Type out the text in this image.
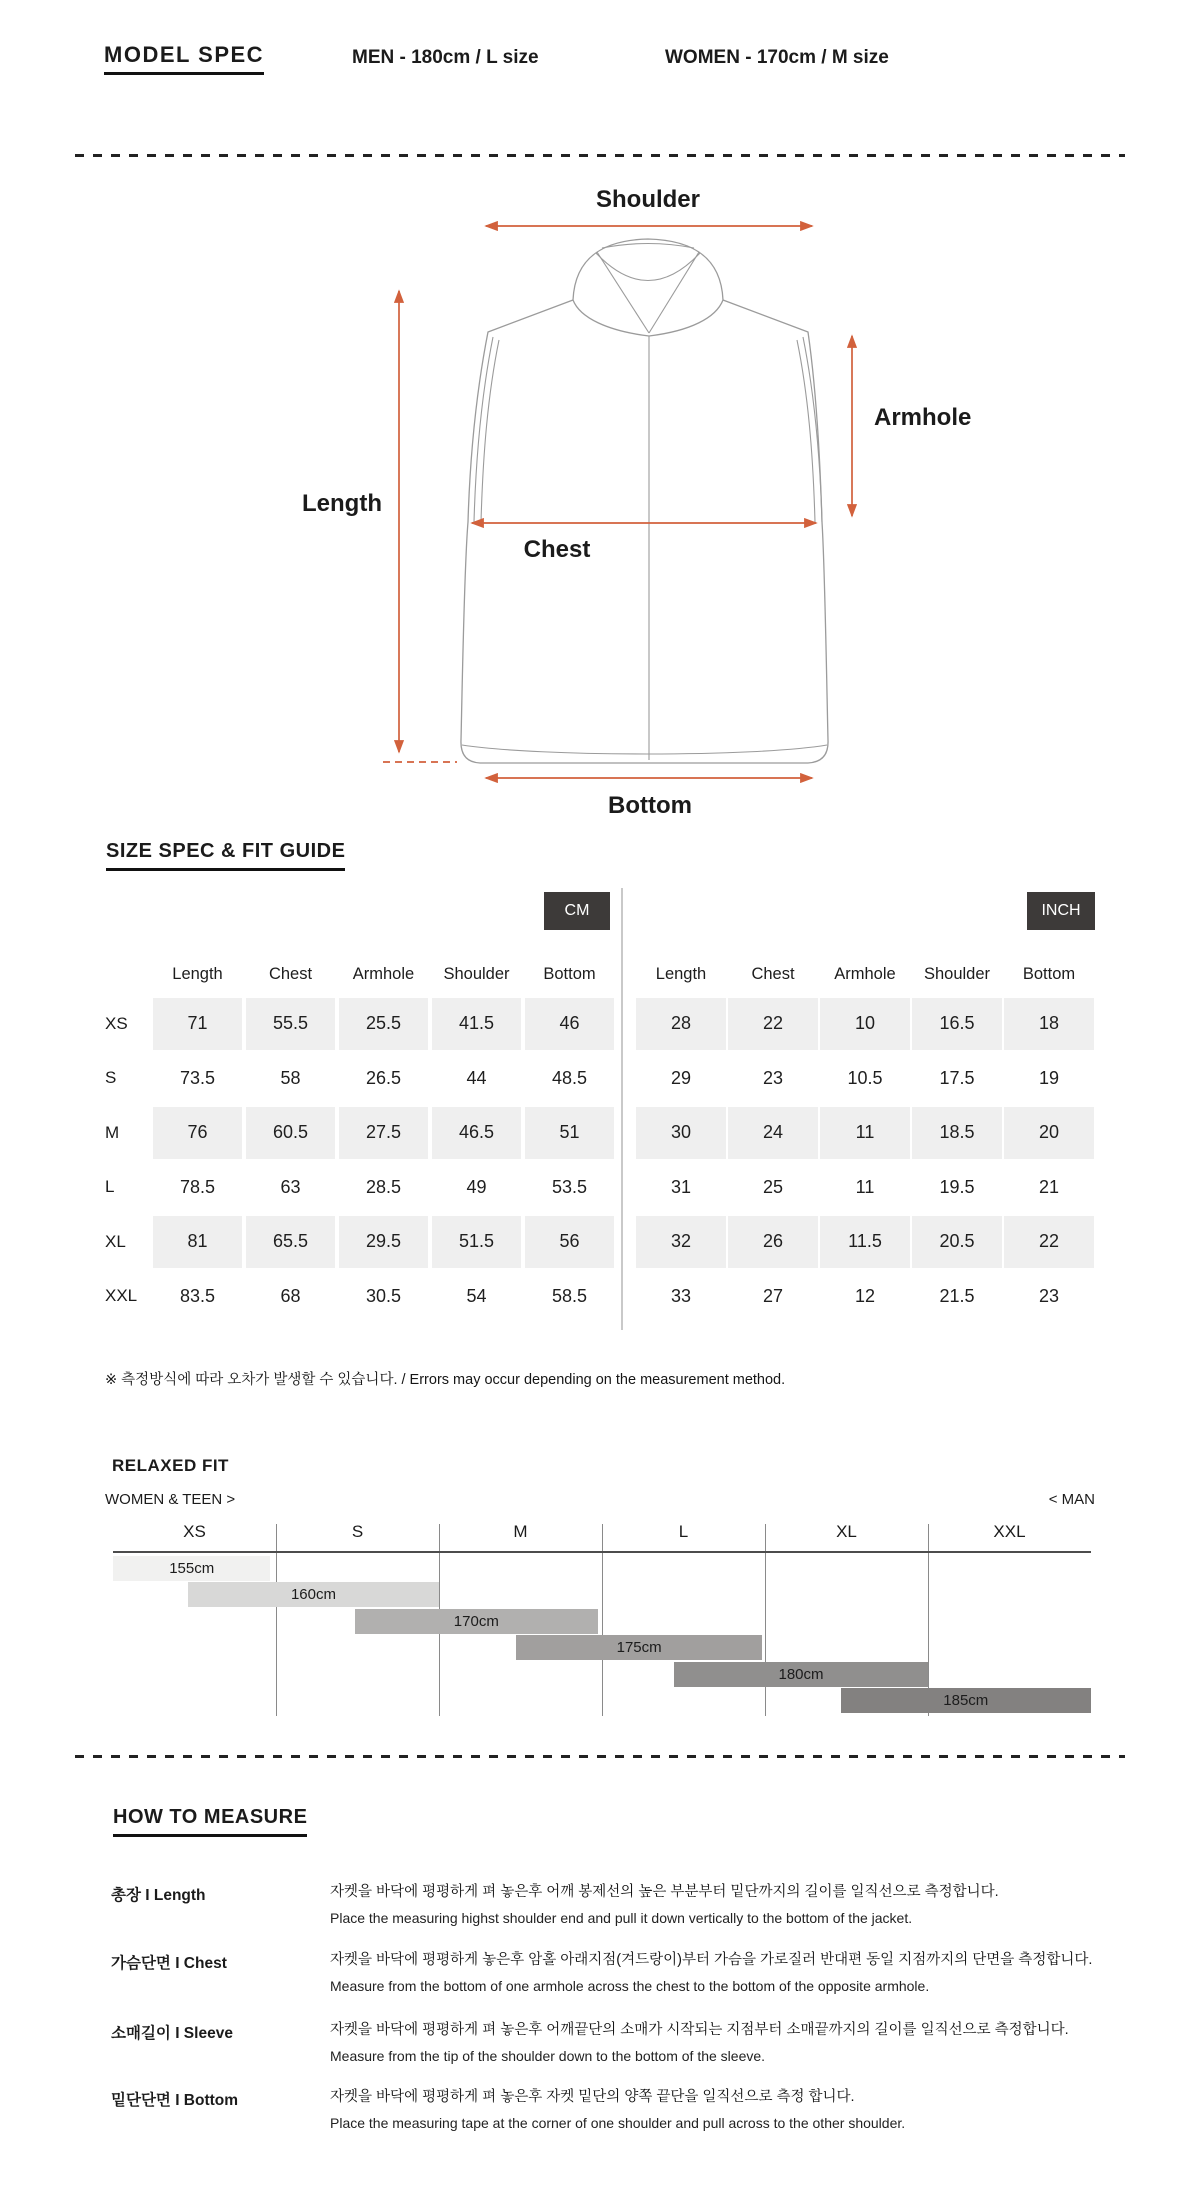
MODEL SPEC	MEN - 180cm / L size	WOMEN - 170cm / M size
Shoulder
Armhole
Length
Chest
Bottom
SIZE SPEC & FIT GUIDE
CM	INCH
Length	Chest	Armhole	Shoulder	Bottom
XS	71	55.5	25.5	41.5	46
S	73.5	58	26.5	44	48.5
M	76	60.5	27.5	46.5	51
L	78.5	63	28.5	49	53.5
XL	81	65.5	29.5	51.5	56
XXL	83.5	68	30.5	54	58.5
Length	Chest	Armhole	Shoulder	Bottom
28	22	10	16.5	18
29	23	10.5	17.5	19
30	24	11	18.5	20
31	25	11	19.5	21
32	26	11.5	20.5	22
33	27	12	21.5	23
※ 측정방식에 따라 오차가 발생할 수 있습니다. / Errors may occur depending on the measurement method.
RELAXED FIT
WOMEN & TEEN >	< MAN
XS	S	M	L	XL	XXL
155cm
160cm
170cm
175cm
180cm
185cm
HOW TO MEASURE
총장 I Length	자켓을 바닥에 평평하게 펴 놓은후 어깨 봉제선의 높은 부분부터 밑단까지의 길이를 일직선으로 측정합니다.
Place the measuring highst shoulder end and pull it down vertically to the bottom of the jacket.
가슴단면 I Chest	자켓을 바닥에 평평하게 놓은후 암홀 아래지점(겨드랑이)부터 가슴을 가로질러 반대편 동일 지점까지의 단면을 측정합니다.
Measure from the bottom of one armhole across the chest to the bottom of the opposite armhole.
소매길이 I Sleeve	자켓을 바닥에 평평하게 펴 놓은후 어깨끝단의 소매가 시작되는 지점부터 소매끝까지의 길이를 일직선으로 측정합니다.
Measure from the tip of the shoulder down to the bottom of the sleeve.
밑단단면 I Bottom	자켓을 바닥에 평평하게 펴 놓은후 자켓 밑단의 양쪽 끝단을 일직선으로 측정 합니다.
Place the measuring tape at the corner of one shoulder and pull across to the other shoulder.
